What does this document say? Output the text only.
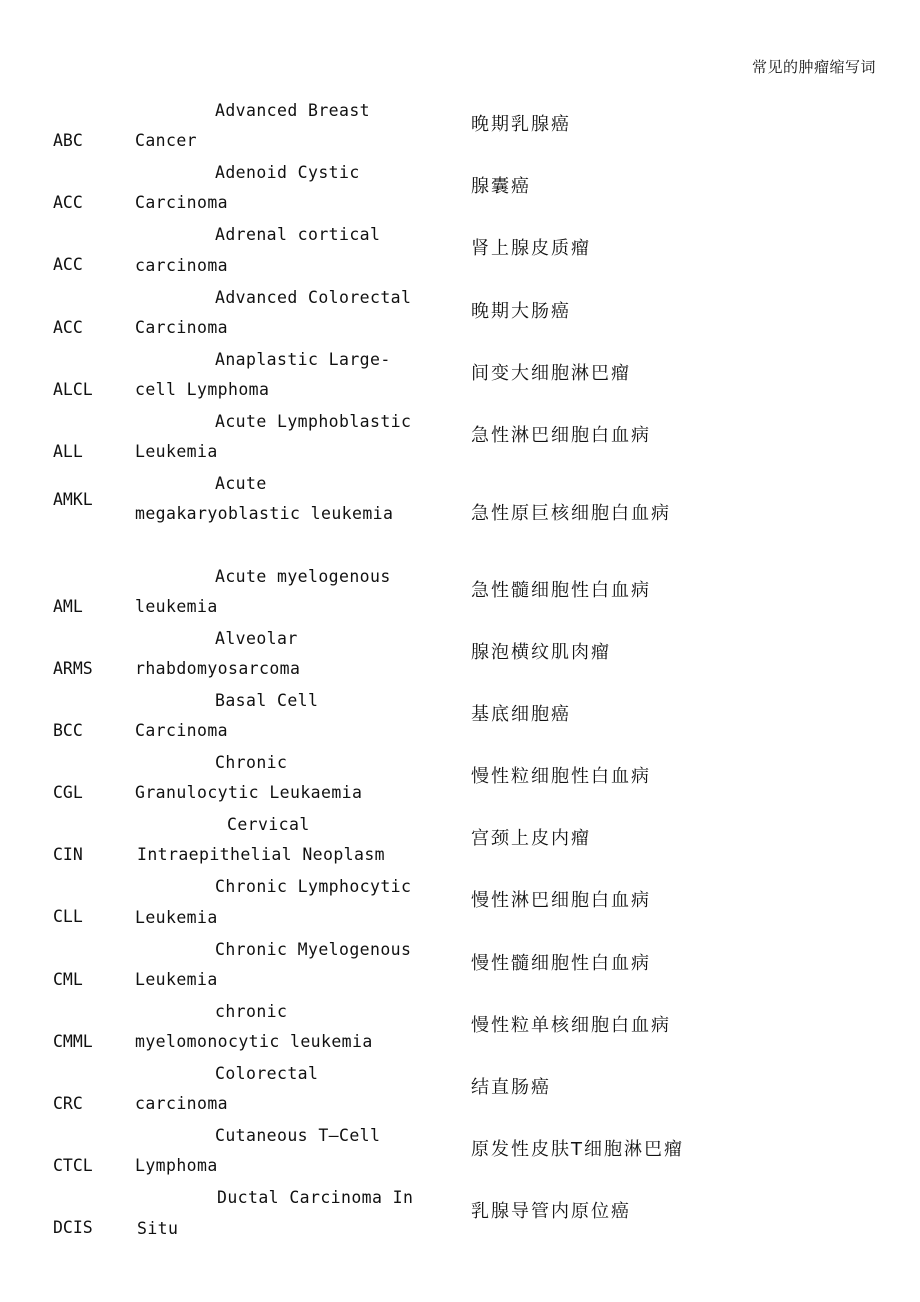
常见的肿瘤缩写词
ABC
Advanced Breast Cancer
晚期乳腺癌
ACC
Adenoid Cystic Carcinoma
腺囊癌
ACC
Adrenal cortical carcinoma
肾上腺皮质瘤
ACC
Advanced Colorectal Carcinoma
晚期大肠癌
ALCL
Anaplastic Large-cell Lymphoma
间变大细胞淋巴瘤
ALL
Acute Lymphoblastic Leukemia
急性淋巴细胞白血病
AMKL
Acute megakaryoblastic leukemia	急性原巨核细胞白血病
AML
Acute myelogenous leukemia
急性髓细胞性白血病
ARMS
Alveolar rhabdomyosarcoma
腺泡横纹肌肉瘤
BCC
Basal Cell Carcinoma
基底细胞癌
CGL
Chronic Granulocytic Leukaemia
慢性粒细胞性白血病
CIN
Cervical Intraepithelial Neoplasm
宫颈上皮内瘤
CLL
Chronic Lymphocytic Leukemia
慢性淋巴细胞白血病
CML
Chronic Myelogenous Leukemia
慢性髓细胞性白血病
CMML
chronic myelomonocytic leukemia
慢性粒单核细胞白血病
CRC
Colorectal carcinoma
结直肠癌
CTCL
Cutaneous T—Cell Lymphoma
原发性皮肤T细胞淋巴瘤
DCIS
Ductal Carcinoma In Situ
乳腺导管内原位癌
